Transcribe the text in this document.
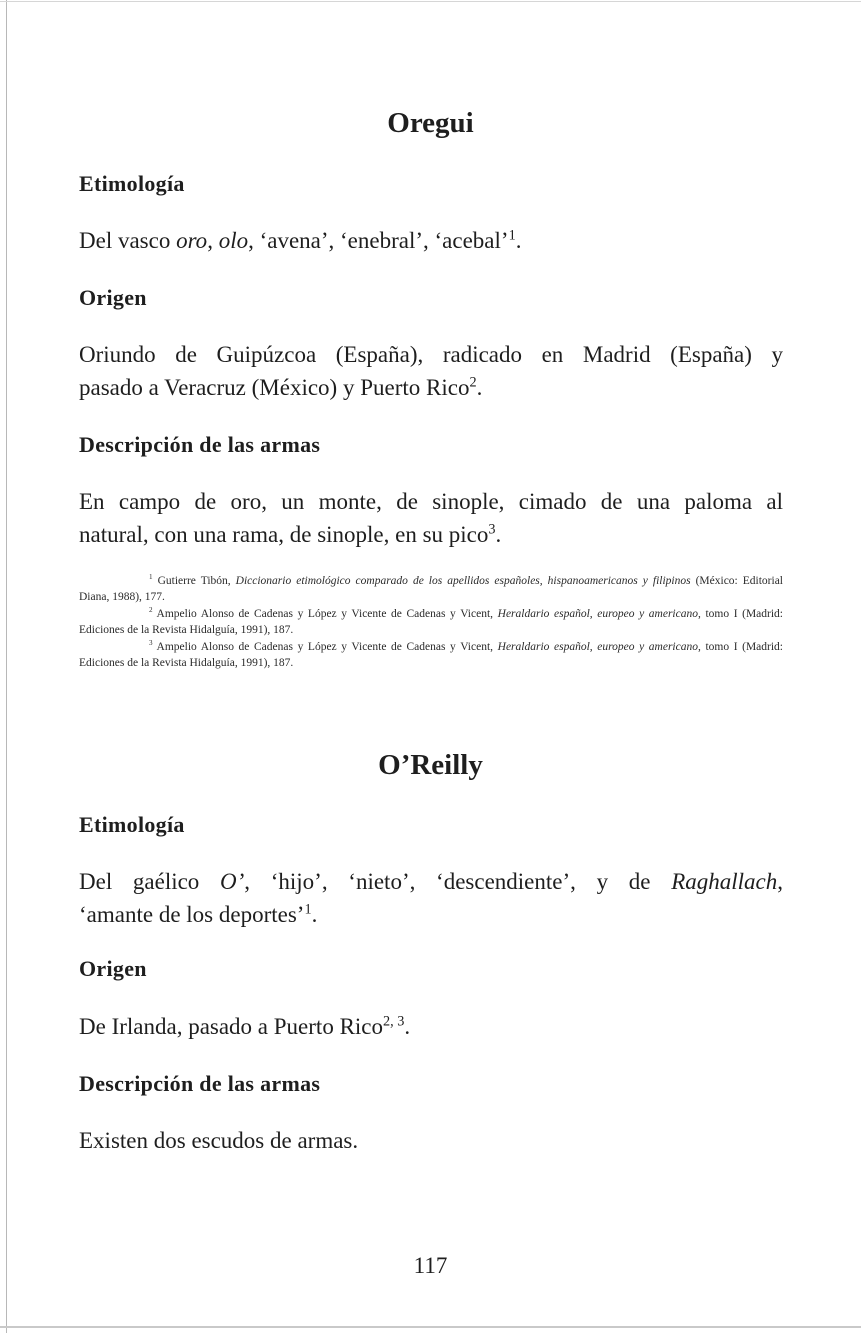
Oregui
Etimología

Del vasco oro, olo, ‘avena’, ‘enebral’, ‘acebal’$^1$.

Origen

Oriundo de Guipúzcoa (España), radicado en Madrid (España) y

pasado a Veracruz (México) y Puerto Rico$^2$.

Descripción de las armas

En campo de oro, un monte, de sinople, cimado de una paloma al

natural, con una rama, de sinople, en su pico$^3$.

$^1$ Gutierre Tibón, Diccionario etimológico comparado de los apellidos españoles, hispanoamericanos y filipinos (México: Editorial Diana, 1988), 177.

$^2$ Ampelio Alonso de Cadenas y López y Vicente de Cadenas y Vicent, Heraldario español, europeo y americano, tomo I (Madrid: Ediciones de la Revista Hidalguía, 1991), 187.

$^3$ Ampelio Alonso de Cadenas y López y Vicente de Cadenas y Vicent, Heraldario español, europeo y americano, tomo I (Madrid: Ediciones de la Revista Hidalguía, 1991), 187.

O’Reilly
Etimología

Del gaélico O’, ‘hijo’, ‘nieto’, ‘descendiente’, y de Raghallach,

‘amante de los deportes’$^1$.

Origen

De Irlanda, pasado a Puerto Rico$^{2, 3}$.

Descripción de las armas

Existen dos escudos de armas.

117
